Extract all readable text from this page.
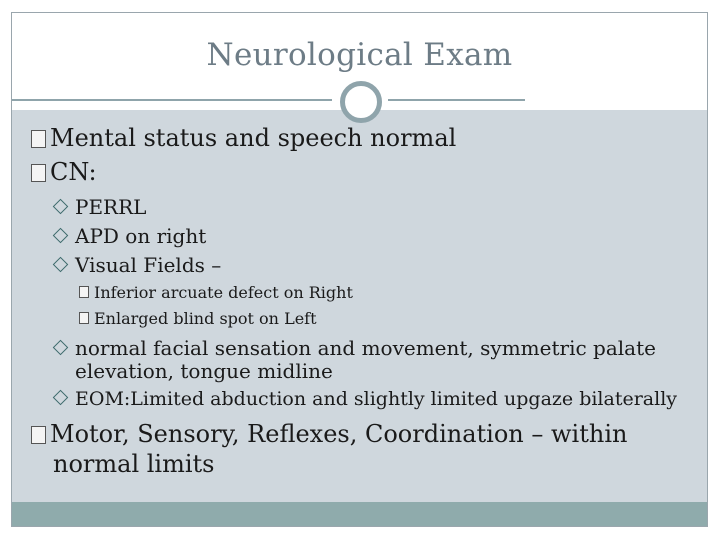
Neurological Exam
Mental status and speech normal
CN:
PERRL
APD on right
Visual Fields –
Inferior arcuate defect on Right
Enlarged blind spot on Left
normal facial sensation and movement, symmetric palate
elevation, tongue midline
EOM:Limited abduction and slightly limited upgaze bilaterally
Motor, Sensory, Reflexes, Coordination – within
normal limits
